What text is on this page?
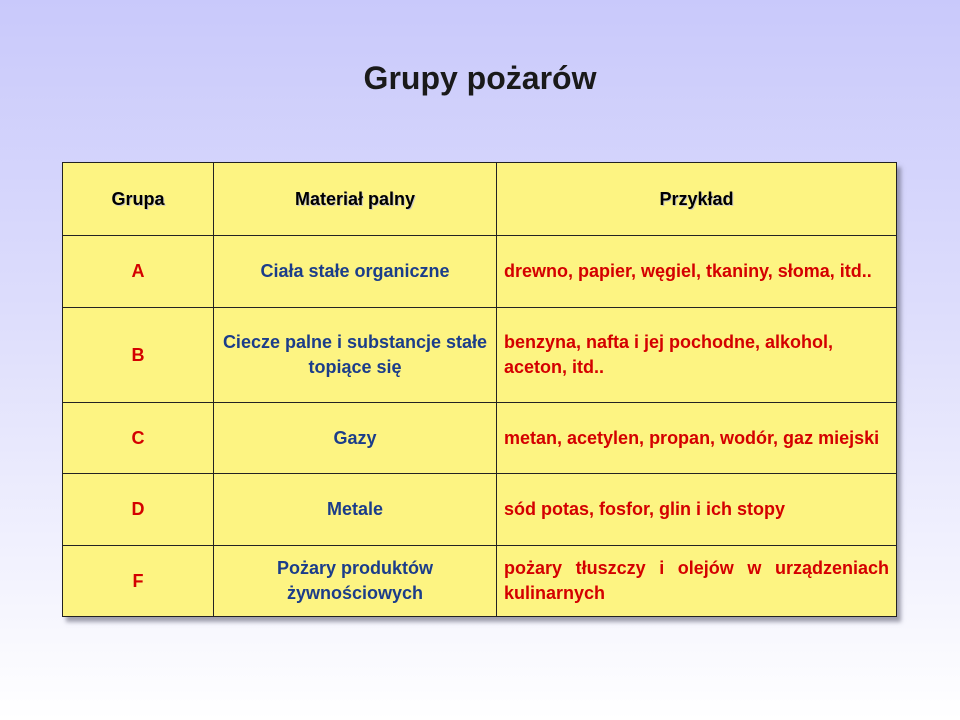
Grupy pożarów
Grupa	Materiał palny	Przykład
A	Ciała stałe organiczne	drewno, papier, węgiel, tkaniny, słoma, itd..
B	Ciecze palne i substancje stałe topiące się	benzyna, nafta i jej pochodne, alkohol, aceton, itd..
C	Gazy	metan, acetylen, propan, wodór, gaz miejski
D	Metale	sód potas, fosfor, glin i ich stopy
F	Pożary produktów żywnościowych	pożary tłuszczy i olejów w urządzeniach kulinarnych
